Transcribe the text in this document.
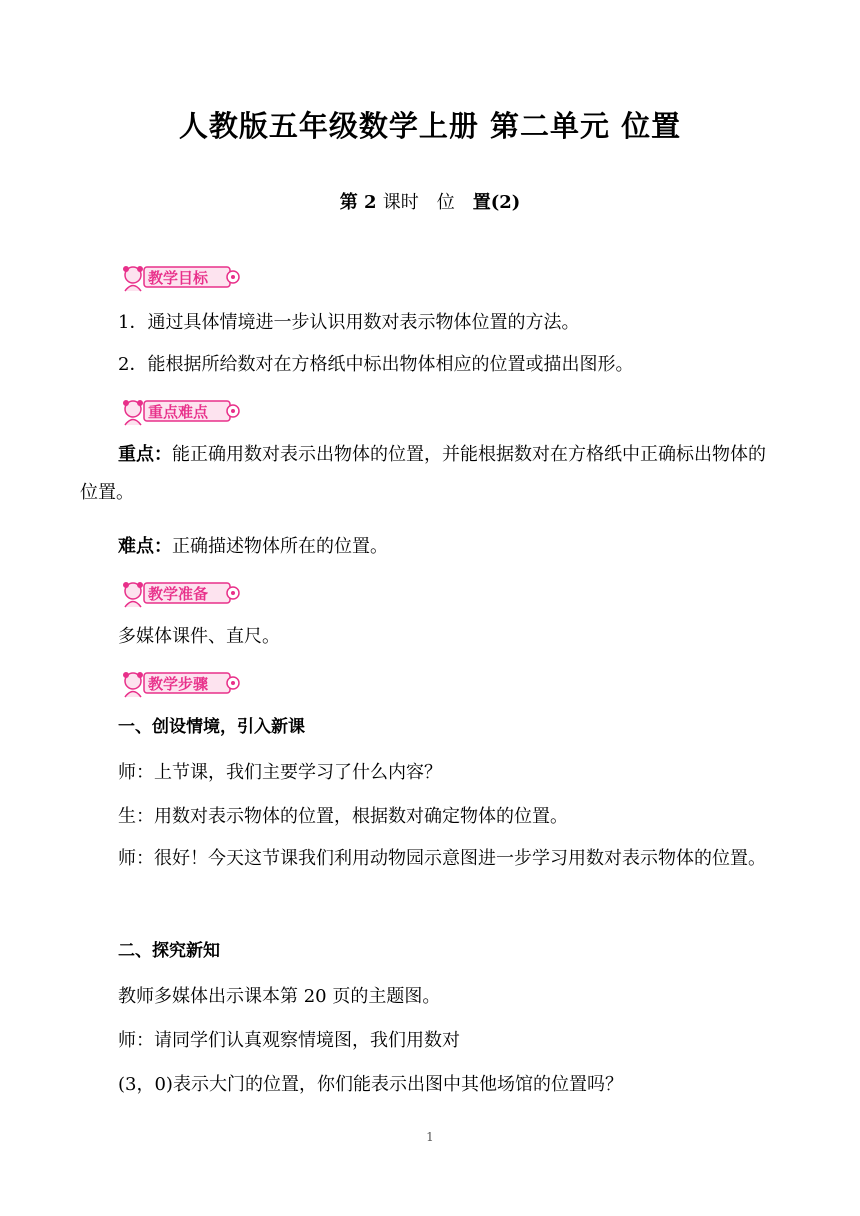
人教版五年级数学上册 第二单元 位置
第 2 课时 位 置(2)
教学目标
1．通过具体情境进一步认识用数对表示物体位置的方法。
2．能根据所给数对在方格纸中标出物体相应的位置或描出图形。
重点难点
重点：能正确用数对表示出物体的位置，并能根据数对在方格纸中正确标出物体的位置。
难点：正确描述物体所在的位置。
教学准备
多媒体课件、直尺。
教学步骤
一、创设情境，引入新课
师：上节课，我们主要学习了什么内容？
生：用数对表示物体的位置，根据数对确定物体的位置。
师：很好！今天这节课我们利用动物园示意图进一步学习用数对表示物体的位置。
二、探究新知
教师多媒体出示课本第 20 页的主题图。
师：请同学们认真观察情境图，我们用数对
(3，0)表示大门的位置，你们能表示出图中其他场馆的位置吗？
1
